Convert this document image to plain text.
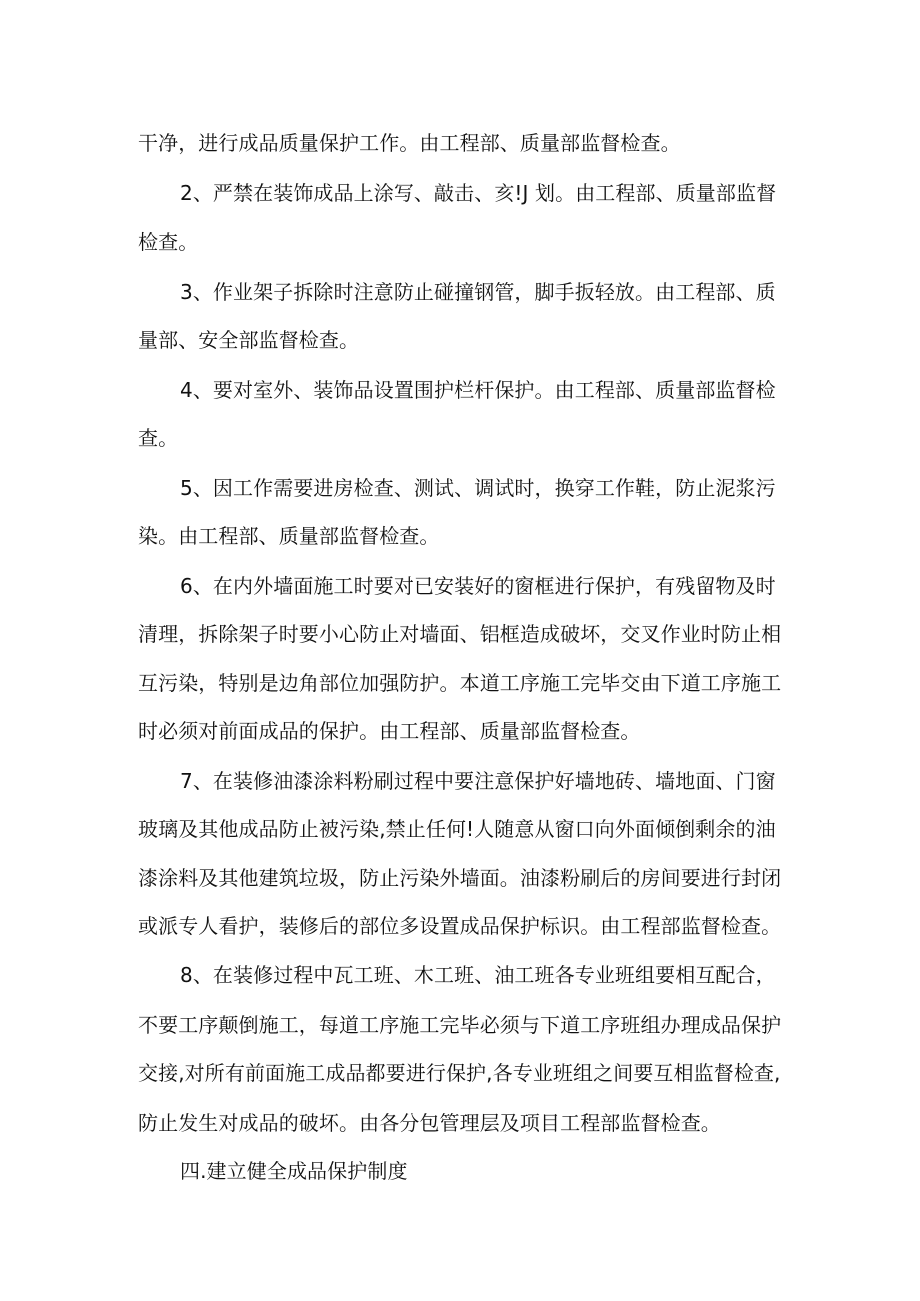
干净，进行成品质量保护工作。由工程部、质量部监督检查。
2、严禁在装饰成品上涂写、敲击、亥!J 划。由工程部、质量部监督
检查。
3、作业架子拆除时注意防止碰撞钢管，脚手扳轻放。由工程部、质
量部、安全部监督检查。
4、要对室外、装饰品设置围护栏杆保护。由工程部、质量部监督检
查。
5、因工作需要进房检查、测试、调试时，换穿工作鞋，防止泥浆污
染。由工程部、质量部监督检查。
6、在内外墙面施工时要对已安装好的窗框进行保护，有残留物及时
清理，拆除架子时要小心防止对墙面、铝框造成破坏，交叉作业时防止相
互污染，特别是边角部位加强防护。本道工序施工完毕交由下道工序施工
时必须对前面成品的保护。由工程部、质量部监督检查。
7、在装修油漆涂料粉刷过程中要注意保护好墙地砖、墙地面、门窗
玻璃及其他成品防止被污染,禁止任何!人随意从窗口向外面倾倒剩余的油
漆涂料及其他建筑垃圾，防止污染外墙面。油漆粉刷后的房间要进行封闭
或派专人看护，装修后的部位多设置成品保护标识。由工程部监督检查。
8、在装修过程中瓦工班、木工班、油工班各专业班组要相互配合，
不要工序颠倒施工，每道工序施工完毕必须与下道工序班组办理成品保护
交接,对所有前面施工成品都要进行保护,各专业班组之间要互相监督检查,
防止发生对成品的破坏。由各分包管理层及项目工程部监督检查。
四.建立健全成品保护制度
